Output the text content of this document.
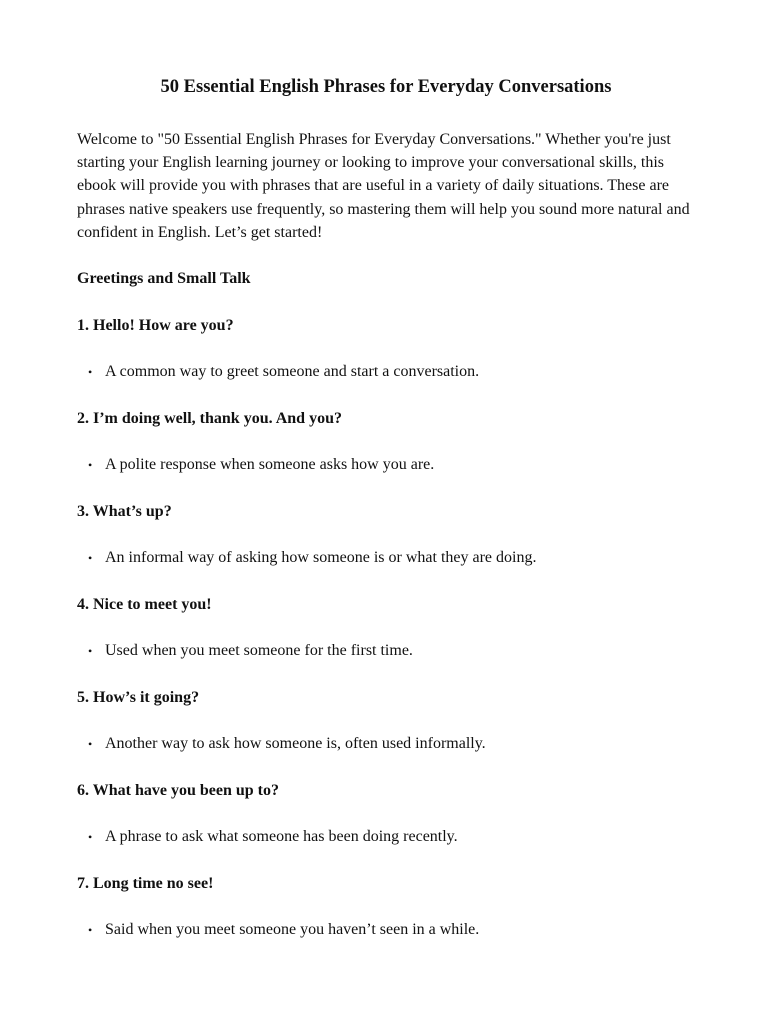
50 Essential English Phrases for Everyday Conversations

Welcome to "50 Essential English Phrases for Everyday Conversations." Whether you're just starting your English learning journey or looking to improve your conversational skills, this ebook will provide you with phrases that are useful in a variety of daily situations. These are phrases native speakers use frequently, so mastering them will help you sound more natural and confident in English. Let’s get started!

Greetings and Small Talk
1. Hello! How are you?
• A common way to greet someone and start a conversation.
2. I’m doing well, thank you. And you?
• A polite response when someone asks how you are.
3. What’s up?
• An informal way of asking how someone is or what they are doing.
4. Nice to meet you!
• Used when you meet someone for the first time.
5. How’s it going?
• Another way to ask how someone is, often used informally.
6. What have you been up to?
• A phrase to ask what someone has been doing recently.
7. Long time no see!
• Said when you meet someone you haven’t seen in a while.
